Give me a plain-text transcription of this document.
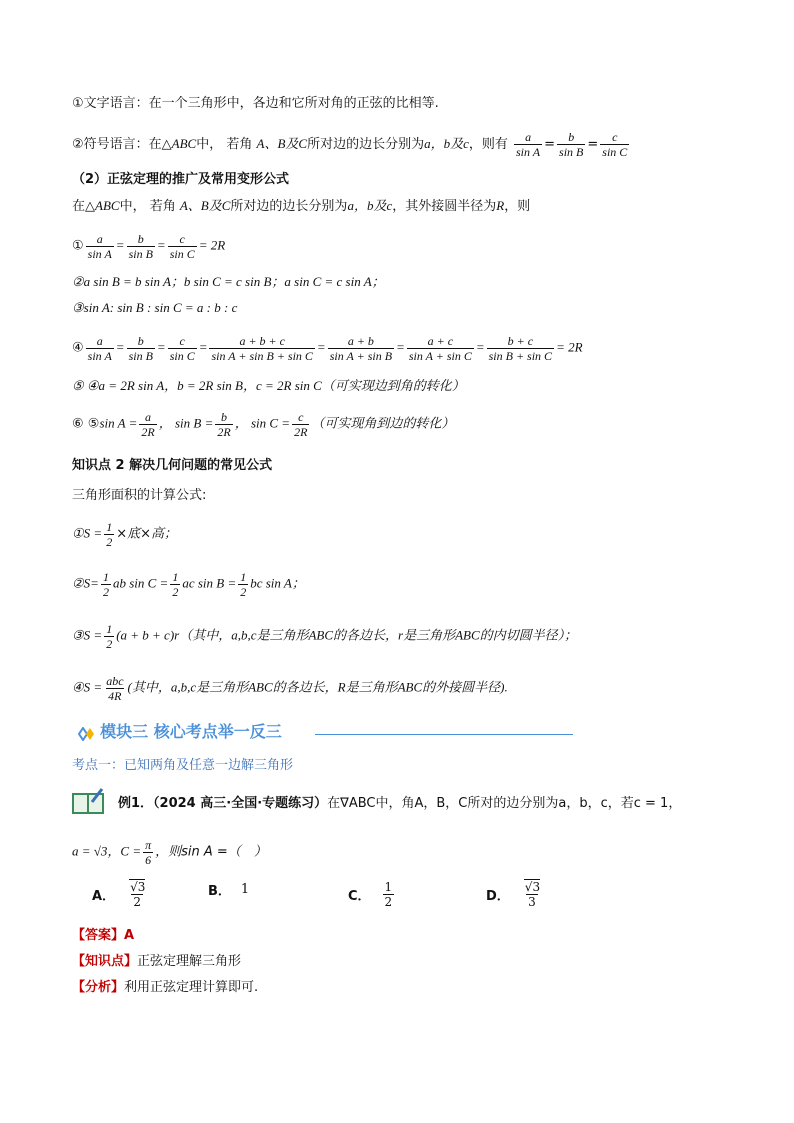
①文字语言：在一个三角形中，各边和它所对角的正弦的比相等.
②符号语言：在△ABC中， 若角 A、B及C所对边的边长分别为a，b及c，则有 $\frac{a}{\text{sin A}} = \frac{b}{\text{sin B}} = \frac{c}{\text{sin C}}$
（2）正弦定理的推广及常用变形公式
在△ABC中， 若角 A、B及C所对边的边长分别为a，b及c，其外接圆半径为R，则
① $\frac{a}{\text{sin A}} = \frac{b}{\text{sin B}} = \frac{c}{\text{sin C}} = 2R$
②a sin B = b sin A；b sin C = c sin B；a sin C = c sin A；
③sin A: sin B : sin C = a : b : c
④ $\frac{a}{\text{sin A}} = \frac{b}{\text{sin B}} = \frac{c}{\text{sin C}} = \frac{a + b + c}{\text{sin A + sin B + sin C}} = \frac{a + b}{\text{sin A + sin B}} = \frac{a + c}{\text{sin A + sin C}} = \frac{b + c}{\text{sin B + sin C}} = 2R$
⑤ ④a = 2R sin A，b = 2R sin B，c = 2R sin C（可实现边到角的转化）
⑥ ⑤sin $A = \frac{a}{2R}$ ， $\sin B = \frac{b}{2R}$ ， $\sin C = \frac{c}{2R}$ （可实现角到边的转化）
知识点 2 解决几何问题的常见公式
三角形面积的计算公式:
①S = $\frac{1}{2}$ ×底×高；
②S= $\frac{1}{2}$ ab $\sin C = \frac{1}{2}$ ac $\sin B = \frac{1}{2}$ bc sin A；
③S = $\frac{1}{2} (a + b + c)r$（其中，a,b,c是三角形ABC的各边长，r是三角形ABC的内切圆半径）；
④S = $\frac{\text{abc}}{4R}$ (其中，a,b,c是三角形ABC的各边长，R是三角形ABC的外接圆半径).
模块三 核心考点举一反三
考点一：已知两角及任意一边解三角形
例1．（2024 高三·全国·专题练习）在∇ABC中，角A，B，C所对的边分别为a，b，c，若c = 1，
a = √3，$C = \frac{\pi}{6}$ ，则sin A =（　）
A． $\frac{√3}{2}$	B． 1	C． $\frac{1}{2}$	D． $\frac{√3}{3}$
【答案】A
【知识点】正弦定理解三角形
【分析】利用正弦定理计算即可.
